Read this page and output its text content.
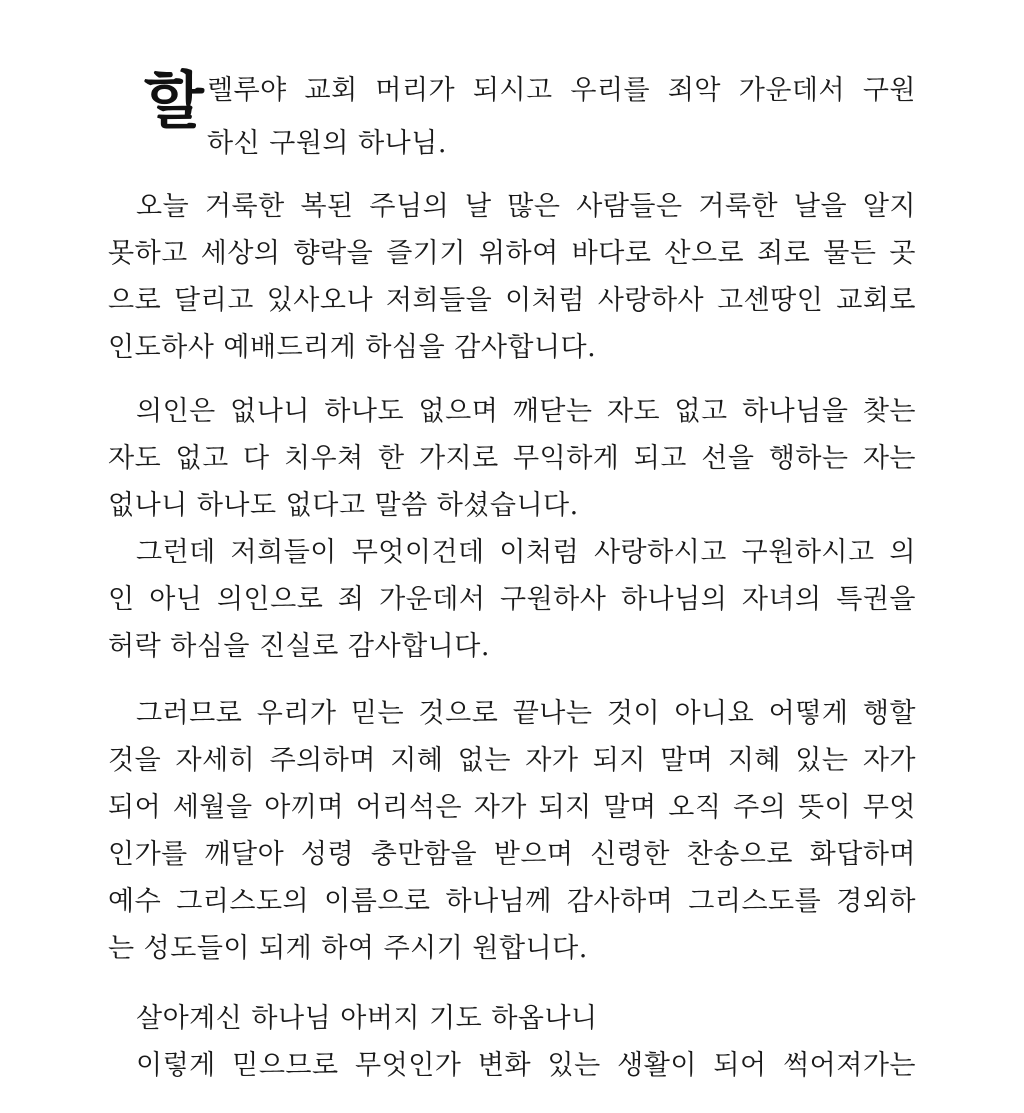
할 렐루야 교회 머리가 되시고 우리를 죄악 가운데서 구원
하신 구원의 하나님.
오늘 거룩한 복된 주님의 날 많은 사람들은 거룩한 날을 알지
못하고 세상의 향락을 즐기기 위하여 바다로 산으로 죄로 물든 곳
으로 달리고 있사오나 저희들을 이처럼 사랑하사 고센땅인 교회로
인도하사 예배드리게 하심을 감사합니다.
의인은 없나니 하나도 없으며 깨닫는 자도 없고 하나님을 찾는
자도 없고 다 치우쳐 한 가지로 무익하게 되고 선을 행하는 자는
없나니 하나도 없다고 말씀 하셨습니다.
그런데 저희들이 무엇이건데 이처럼 사랑하시고 구원하시고 의
인 아닌 의인으로 죄 가운데서 구원하사 하나님의 자녀의 특권을
허락 하심을 진실로 감사합니다.
그러므로 우리가 믿는 것으로 끝나는 것이 아니요 어떻게 행할
것을 자세히 주의하며 지혜 없는 자가 되지 말며 지혜 있는 자가
되어 세월을 아끼며 어리석은 자가 되지 말며 오직 주의 뜻이 무엇
인가를 깨달아 성령 충만함을 받으며 신령한 찬송으로 화답하며
예수 그리스도의 이름으로 하나님께 감사하며 그리스도를 경외하
는 성도들이 되게 하여 주시기 원합니다.
살아계신 하나님 아버지 기도 하옵나니
이렇게 믿으므로 무엇인가 변화 있는 생활이 되어 썩어져가는
